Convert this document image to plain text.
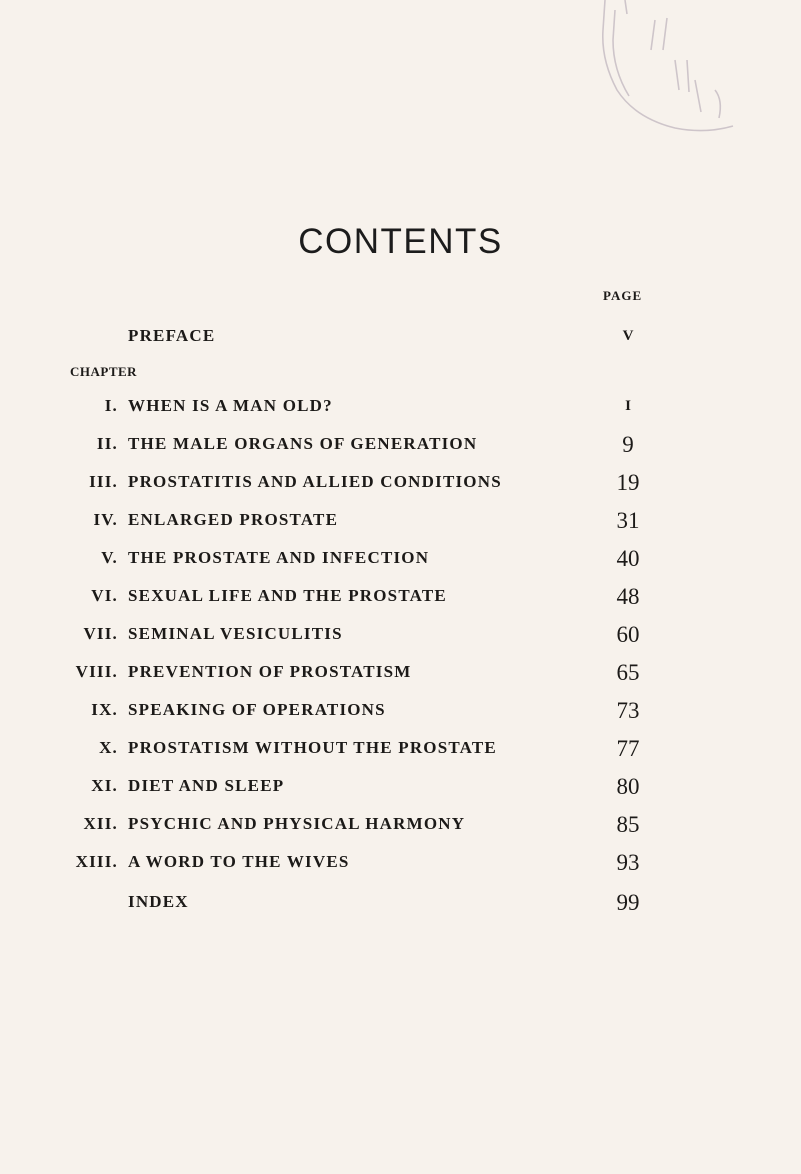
CONTENTS
PAGE
PREFACE	V
CHAPTER
I. WHEN IS A MAN OLD?	I
II. THE MALE ORGANS OF GENERATION	9
III. PROSTATITIS AND ALLIED CONDITIONS	19
IV. ENLARGED PROSTATE	31
V. THE PROSTATE AND INFECTION	40
VI. SEXUAL LIFE AND THE PROSTATE	48
VII. SEMINAL VESICULITIS	60
VIII. PREVENTION OF PROSTATISM	65
IX. SPEAKING OF OPERATIONS	73
X. PROSTATISM WITHOUT THE PROSTATE	77
XI. DIET AND SLEEP	80
XII. PSYCHIC AND PHYSICAL HARMONY	85
XIII. A WORD TO THE WIVES	93
INDEX	99
